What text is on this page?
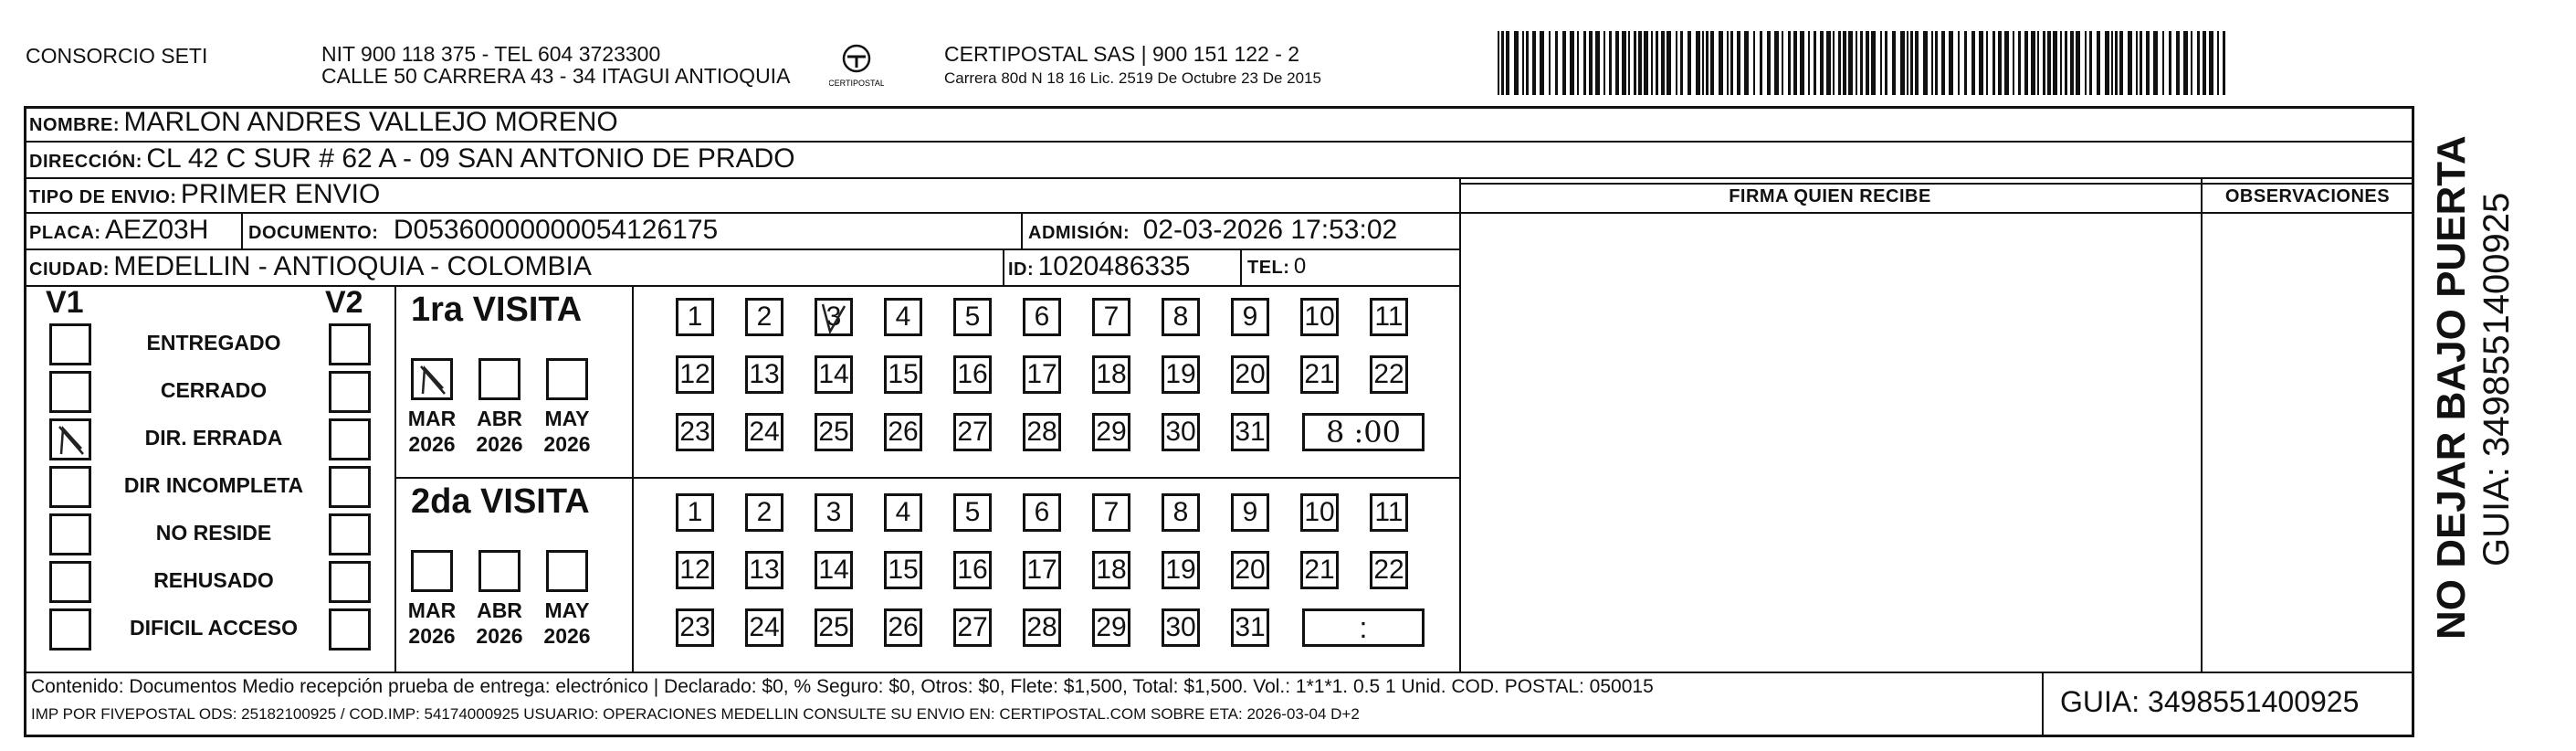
CONSORCIO SETI	NIT 900 118 375 - TEL 604 3723300
CALLE 50 CARRERA 43 - 34 ITAGUI ANTIOQUIA	CERTIPOSTAL
CERTIPOSTAL SAS | 900 151 122 - 2
Carrera 80d N 18 16 Lic. 2519 De Octubre 23 De 2015
NOMBRE: MARLON ANDRES VALLEJO MORENO
DIRECCIÓN: CL 42 C SUR # 62 A - 09 SAN ANTONIO DE PRADO
TIPO DE ENVIO: PRIMER ENVIO	FIRMA QUIEN RECIBE	OBSERVACIONES
PLACA: AEZ03H DOCUMENTO: D05360000000054126175	ADMISIÓN: 02-03-2026 17:53:02
CIUDAD: MEDELLIN - ANTIOQUIA - COLOMBIA	ID: 1020486335	TEL: 0
V1	V2
ENTREGADO
CERRADO
DIR. ERRADA
DIR INCOMPLETA
NO RESIDE
REHUSADO
DIFICIL ACCESO
1ra VISITA
2da VISITA
MAR
2026
ABR
2026
MAY
2026
MAR
2026
ABR
2026
MAY
2026
1	2	3	4	5	6	7	8	9	10 11
12 13 14 15 16 17 18 19 20 21 22
23 24 25 26 27 28 29 30 31	8 :00
1	2	3	4	5	6	7	8	9	10 11
12 13 14 15 16 17 18 19 20 21 22
23 24 25 26 27 28 29 30 31	:
Contenido: Documentos Medio recepción prueba de entrega: electrónico | Declarado: $0, % Seguro: $0, Otros: $0, Flete: $1,500, Total: $1,500. Vol.: 1*1*1. 0.5 1 Unid. COD. POSTAL: 050015
IMP POR FIVEPOSTAL ODS: 25182100925 / COD.IMP: 54174000925 USUARIO: OPERACIONES MEDELLIN CONSULTE SU ENVIO EN: CERTIPOSTAL.COM SOBRE ETA: 2026-03-04 D+2	GUIA: 3498551400925
NO DEJAR BAJO PUERTA GUIA: 3498551400925
